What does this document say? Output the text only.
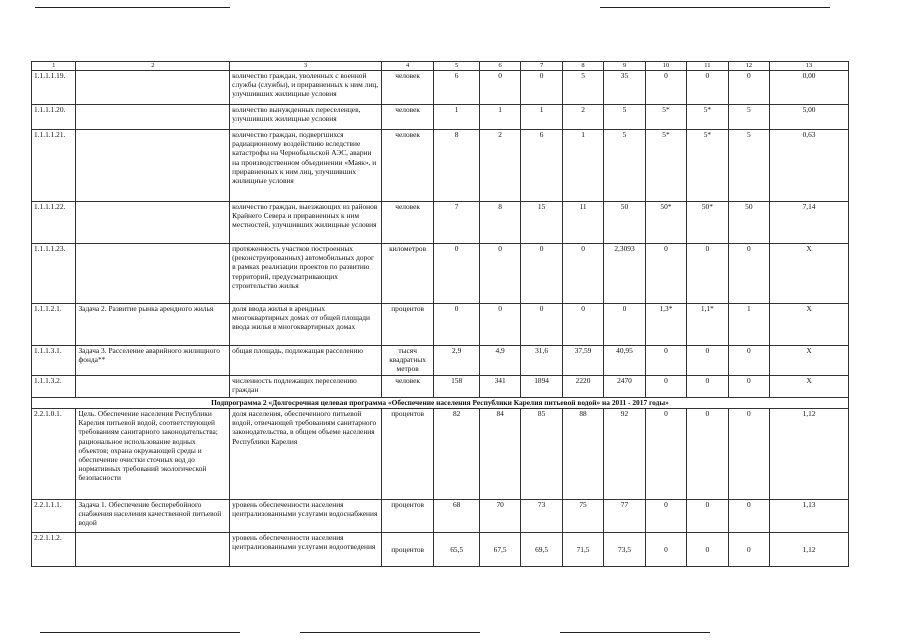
1	2	3	4	5	6	7	8	9	10	11	12	13
1.1.1.1.19.		количество граждан, уволенных с военной службы (службы), и приравненных к ним лиц, улучшивших жилищные условия	человек	6	0	0	5	35	0	0	0	0,00
1.1.1.1.20.		количество вынужденных переселенцев, улучшивших жилищные условия	человек	1	1	1	2	5	5*	5*	5	5,00
1.1.1.1.21.		количество граждан, подвергшихся радиационному воздействию вследствие катастрофы на Чернобыльской АЭС, аварии на производственном объединении «Маяк», и приравненных к ним лиц, улучшивших жилищные условия	человек	8	2	6	1	5	5*	5*	5	0,63
1.1.1.1.22.		количество граждан, выезжающих из районов Крайнего Севера и приравненных к ним местностей, улучшивших жилищные условия	человек	7	8	15	11	50	50*	50*	50	7,14
1.1.1.1.23.		протяженность участков построенных (реконструированных) автомобильных дорог в рамках реализации проектов по развитию территорий, предусматривающих строительство жилья	километров	0	0	0	0	2,3093	0	0	0	Х
1.1.1.2.1.	Задача 2. Развитие рынка арендного жилья	доля ввода жилья в арендных многоквартирных домах от общей площади ввода жилья в многоквартирных домах	процентов	0	0	0	0	0	1,3*	1,1*	1	Х
1.1.1.3.1.	Задача 3. Расселение аварийного жилищного фонда**	общая площадь, подлежащая расселению	тысяч квадратных метров	2,9	4,9	31,6	37,59	40,95	0	0	0	Х
1.1.1.3.2.		численность подлежащих переселению граждан	человек	158	341	1894	2220	2470	0	0	0	Х
Подпрограмма 2 «Долгосрочная целевая программа «Обеспечение населения Республики Карелия питьевой водой» на 2011 - 2017 годы»												
2.2.1.0.1.	Цель. Обеспечение населения Республики Карелия питьевой водой, соответствующей требованиям санитарного законодательства; рациональное использование водных объектов; охрана окружающей среды и обеспечение очистки сточных вод до нормативных требований экологической безопасности	доля населения, обеспеченного питьевой водой, отвечающей требованиям санитарного законодательства, в общем объеме населения Республики Карелия	процентов	82	84	85	88	92	0	0	0	1,12
2.2.1.1.1.	Задача 1. Обеспечение бесперебойного снабжения населения качественной питьевой водой	уровень обеспеченности населения централизованными услугами водоснабжения	процентов	68	70	73	75	77	0	0	0	1,13
2.2.1.1.2.		уровень обеспеченности населения централизованными услугами водоотведения	процентов	65,5	67,5	69,5	71,5	73,5	0	0	0	1,12
